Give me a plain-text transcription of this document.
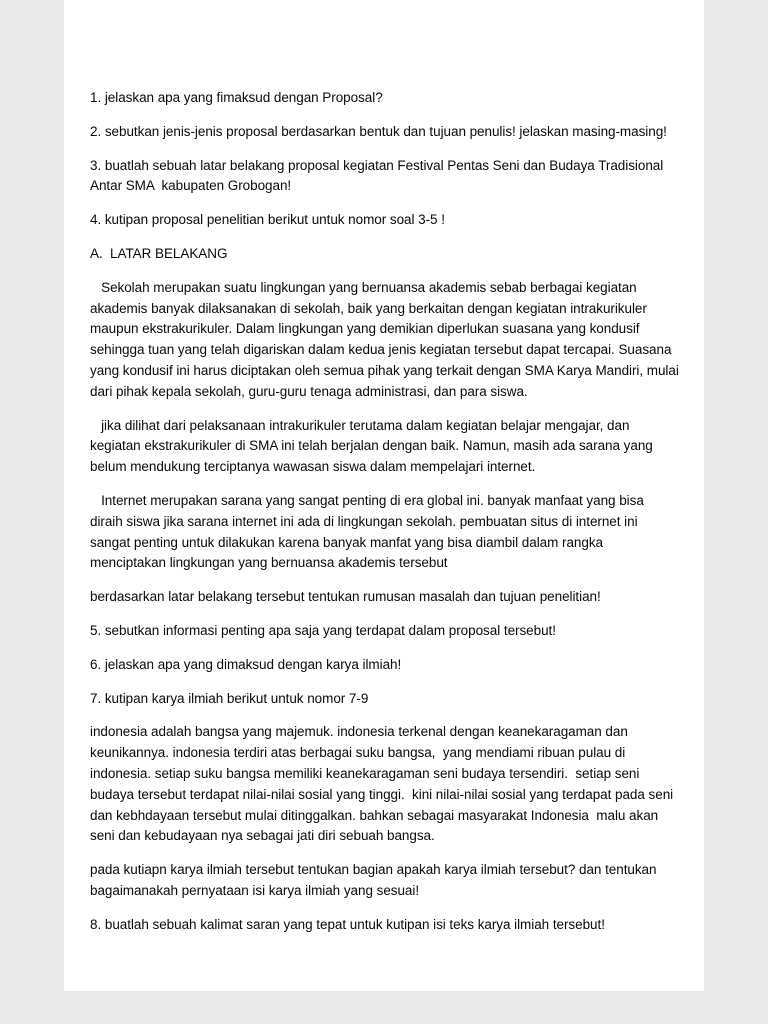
1. jelaskan apa yang fimaksud dengan Proposal?

2. sebutkan jenis-jenis proposal berdasarkan bentuk dan tujuan penulis! jelaskan masing-masing!

3. buatlah sebuah latar belakang proposal kegiatan Festival Pentas Seni dan Budaya Tradisional Antar SMA  kabupaten Grobogan!

4. kutipan proposal penelitian berikut untuk nomor soal 3-5 !

A.  LATAR BELAKANG

Sekolah merupakan suatu lingkungan yang bernuansa akademis sebab berbagai kegiatan akademis banyak dilaksanakan di sekolah, baik yang berkaitan dengan kegiatan intrakurikuler maupun ekstrakurikuler. Dalam lingkungan yang demikian diperlukan suasana yang kondusif sehingga tuan yang telah digariskan dalam kedua jenis kegiatan tersebut dapat tercapai. Suasana yang kondusif ini harus diciptakan oleh semua pihak yang terkait dengan SMA Karya Mandiri, mulai dari pihak kepala sekolah, guru-guru tenaga administrasi, dan para siswa.

jika dilihat dari pelaksanaan intrakurikuler terutama dalam kegiatan belajar mengajar, dan kegiatan ekstrakurikuler di SMA ini telah berjalan dengan baik. Namun, masih ada sarana yang belum mendukung terciptanya wawasan siswa dalam mempelajari internet.

Internet merupakan sarana yang sangat penting di era global ini. banyak manfaat yang bisa diraih siswa jika sarana internet ini ada di lingkungan sekolah. pembuatan situs di internet ini sangat penting untuk dilakukan karena banyak manfat yang bisa diambil dalam rangka menciptakan lingkungan yang bernuansa akademis tersebut

berdasarkan latar belakang tersebut tentukan rumusan masalah dan tujuan penelitian!

5. sebutkan informasi penting apa saja yang terdapat dalam proposal tersebut!

6. jelaskan apa yang dimaksud dengan karya ilmiah!

7. kutipan karya ilmiah berikut untuk nomor 7-9

indonesia adalah bangsa yang majemuk. indonesia terkenal dengan keanekaragaman dan keunikannya. indonesia terdiri atas berbagai suku bangsa,  yang mendiami ribuan pulau di indonesia. setiap suku bangsa memiliki keanekaragaman seni budaya tersendiri.  setiap seni budaya tersebut terdapat nilai-nilai sosial yang tinggi.  kini nilai-nilai sosial yang terdapat pada seni dan kebhdayaan tersebut mulai ditinggalkan. bahkan sebagai masyarakat Indonesia  malu akan seni dan kebudayaan nya sebagai jati diri sebuah bangsa.

pada kutiapn karya ilmiah tersebut tentukan bagian apakah karya ilmiah tersebut? dan tentukan bagaimanakah pernyataan isi karya ilmiah yang sesuai!

8. buatlah sebuah kalimat saran yang tepat untuk kutipan isi teks karya ilmiah tersebut!
